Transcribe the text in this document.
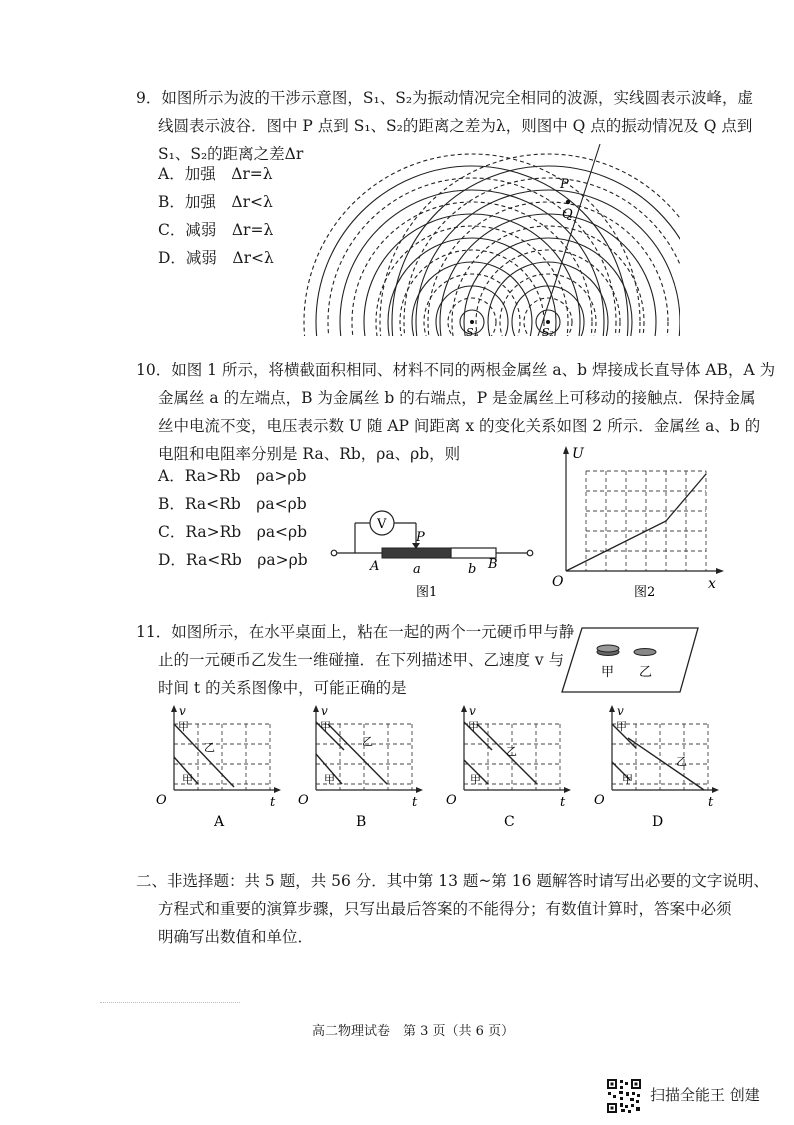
9．如图所示为波的干涉示意图，S₁、S₂为振动情况完全相同的波源，实线圆表示波峰，虚
线圆表示波谷．图中 P 点到 S₁、S₂的距离之差为λ，则图中 Q 点的振动情况及 Q 点到
S₁、S₂的距离之差Δr
A．加强　Δr=λ
B．加强　Δr<λ
C．减弱　Δr=λ
D．减弱　Δr<λ
P
Q
S₁	S₂
10．如图 1 所示，将横截面积相同、材料不同的两根金属丝 a、b 焊接成长直导体 AB，A 为
金属丝 a 的左端点，B 为金属丝 b 的右端点，P 是金属丝上可移动的接触点．保持金属
丝中电流不变，电压表示数 U 随 AP 间距离 x 的变化关系如图 2 所示．金属丝 a、b 的
电阻和电阻率分别是 Ra、Rb，ρa、ρb，则
A．Ra>Rb　ρa>ρb
B．Ra<Rb　ρa<ρb
C．Ra>Rb　ρa<ρb
D．Ra<Rb　ρa>ρb
V
P
A	a	b B
图1
U
O	x
图2
11．如图所示，在水平桌面上，粘在一起的两个一元硬币甲与静
止的一元硬币乙发生一维碰撞．在下列描述甲、乙速度 v 与
时间 t 的关系图像中，可能正确的是
甲 乙
v
O	t
甲
乙
甲
A
v
O	t
甲
乙
甲
B
v
O	t
甲
乙
甲
C
v
O	t
甲
乙
甲
D
二、非选择题：共 5 题，共 56 分．其中第 13 题~第 16 题解答时请写出必要的文字说明、
方程式和重要的演算步骤，只写出最后答案的不能得分；有数值计算时，答案中必须
明确写出数值和单位．
高二物理试卷　第 3 页（共 6 页）
扫描全能王 创建
